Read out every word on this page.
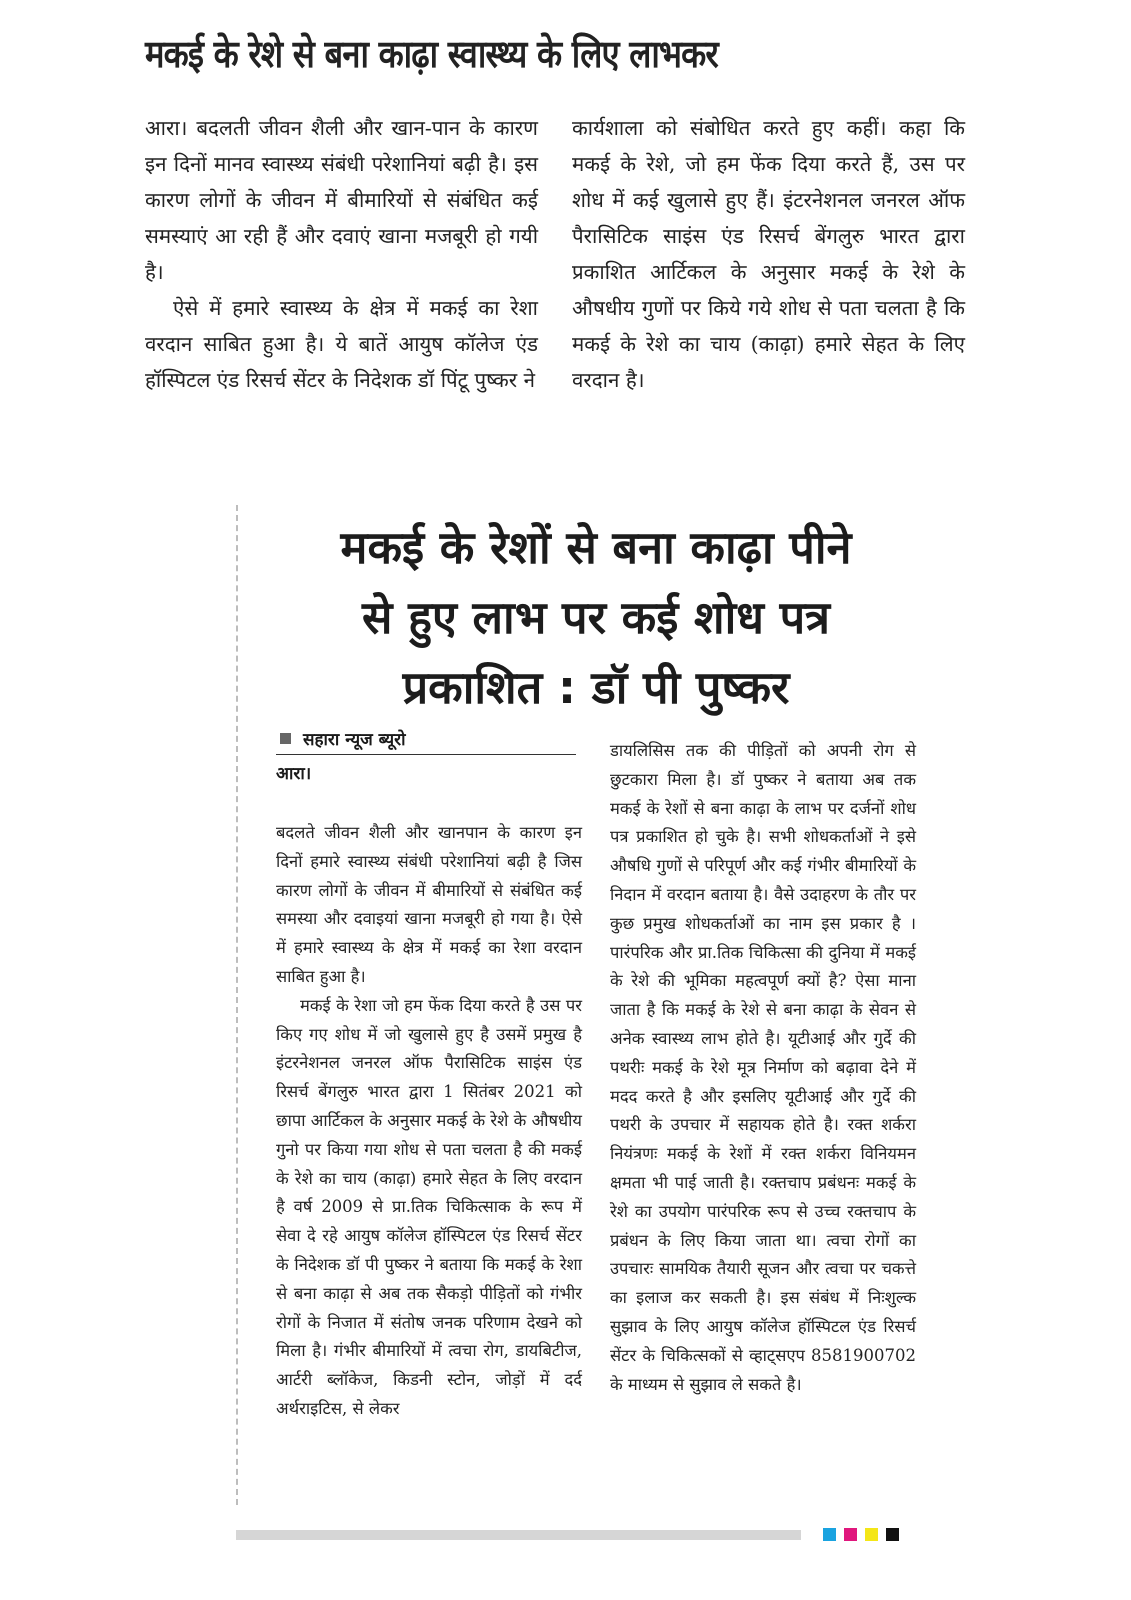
मकई के रेशे से बना काढ़ा स्वास्थ्य के लिए लाभकर

आरा। बदलती जीवन शैली और खान-पान के कारण इन दिनों मानव स्वास्थ्य संबंधी परेशानियां बढ़ी है। इस कारण लोगों के जीवन में बीमारियों से संबंधित कई समस्याएं आ रही हैं और दवाएं खाना मजबूरी हो गयी है।

ऐसे में हमारे स्वास्थ्य के क्षेत्र में मकई का रेशा वरदान साबित हुआ है। ये बातें आयुष कॉलेज एंड हॉस्पिटल एंड रिसर्च सेंटर के निदेशक डॉ पिंटू पुष्कर ने

कार्यशाला को संबोधित करते हुए कहीं। कहा कि मकई के रेशे, जो हम फेंक दिया करते हैं, उस पर शोध में कई खुलासे हुए हैं। इंटरनेशनल जनरल ऑफ पैरासिटिक साइंस एंड रिसर्च बेंगलुरु भारत द्वारा प्रकाशित आर्टिकल के अनुसार मकई के रेशे के औषधीय गुणों पर किये गये शोध से पता चलता है कि मकई के रेशे का चाय (काढ़ा) हमारे सेहत के लिए वरदान है।

मकई के रेशों से बना काढ़ा पीने
से हुए लाभ पर कई शोध पत्र
प्रकाशित : डॉ पी पुष्कर

बदलते जीवन शैली और खानपान के कारण इन दिनों हमारे स्वास्थ्य संबंधी परेशानियां बढ़ी है जिस कारण लोगों के जीवन में बीमारियों से संबंधित कई समस्या और दवाइयां खाना मजबूरी हो गया है। ऐसे में हमारे स्वास्थ्य के क्षेत्र में मकई का रेशा वरदान साबित हुआ है।

मकई के रेशा जो हम फेंक दिया करते है उस पर किए गए शोध में जो खुलासे हुए है उसमें प्रमुख है इंटरनेशनल जनरल ऑफ पैरासिटिक साइंस एंड रिसर्च बेंगलुरु भारत द्वारा 1 सितंबर 2021 को छापा आर्टिकल के अनुसार मकई के रेशे के औषधीय गुनो पर किया गया शोध से पता चलता है की मकई के रेशे का चाय (काढ़ा) हमारे सेहत के लिए वरदान है वर्ष 2009 से प्रा.तिक चिकित्साक के रूप में सेवा दे रहे आयुष कॉलेज हॉस्पिटल एंड रिसर्च सेंटर के निदेशक डॉ पी पुष्कर ने बताया कि मकई के रेशा से बना काढ़ा से अब तक सैकड़ो पीड़ितों को गंभीर रोगों के निजात में संतोष जनक परिणाम देखने को मिला है। गंभीर बीमारियों में त्वचा रोग, डायबिटीज, आर्टरी ब्लॉकेज, किडनी स्टोन, जोड़ों में दर्द अर्थराइटिस, से लेकर

डायलिसिस तक की पीड़ितों को अपनी रोग से छुटकारा मिला है। डॉ पुष्कर ने बताया अब तक मकई के रेशों से बना काढ़ा के लाभ पर दर्जनों शोध पत्र प्रकाशित हो चुके है। सभी शोधकर्ताओं ने इसे औषधि गुणों से परिपूर्ण और कई गंभीर बीमारियों के निदान में वरदान बताया है। वैसे उदाहरण के तौर पर कुछ प्रमुख शोधकर्ताओं का नाम इस प्रकार है । पारंपरिक और प्रा.तिक चिकित्सा की दुनिया में मकई के रेशे की भूमिका महत्वपूर्ण क्यों है? ऐसा माना जाता है कि मकई के रेशे से बना काढ़ा के सेवन से अनेक स्वास्थ्य लाभ होते है। यूटीआई और गुर्दे की पथरीः मकई के रेशे मूत्र निर्माण को बढ़ावा देने में मदद करते है और इसलिए यूटीआई और गुर्दे की पथरी के उपचार में सहायक होते है। रक्त शर्करा नियंत्रणः मकई के रेशों में रक्त शर्करा विनियमन क्षमता भी पाई जाती है। रक्तचाप प्रबंधनः मकई के रेशे का उपयोग पारंपरिक रूप से उच्च रक्तचाप के प्रबंधन के लिए किया जाता था। त्वचा रोगों का उपचारः सामयिक तैयारी सूजन और त्वचा पर चकत्ते का इलाज कर सकती है। इस संबंध में निःशुल्क सुझाव के लिए आयुष कॉलेज हॉस्पिटल एंड रिसर्च सेंटर के चिकित्सकों से व्हाट्सएप 8581900702 के माध्यम से सुझाव ले सकते है।

सहारा न्यूज ब्यूरो
आरा।
